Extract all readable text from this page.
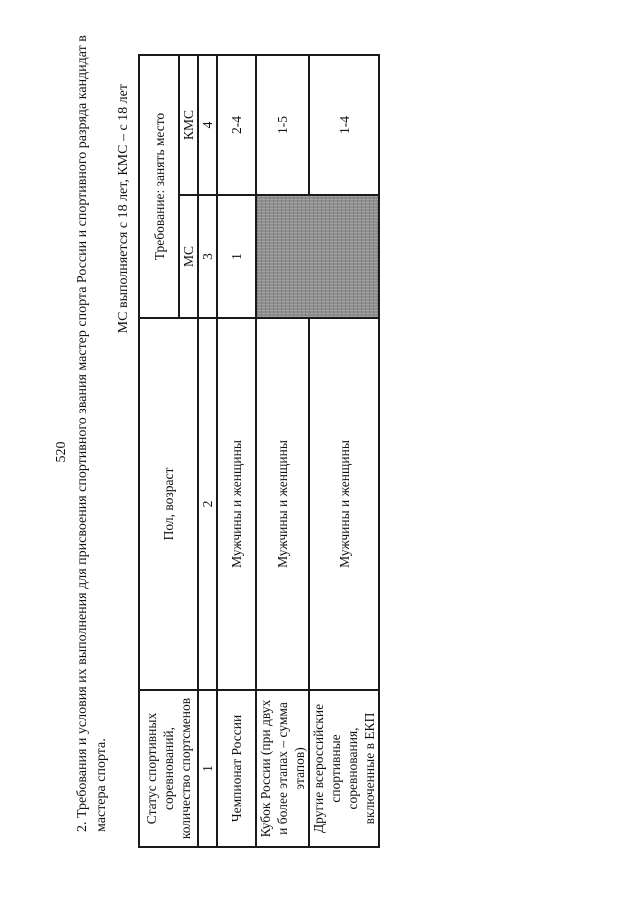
520 2. Требования и условия их выполнения для присвоения спортивного звания мастер спорта России и спортивного разряда кандидат в мастера спорта.
МС выполняется с 18 лет, КМС – с 18 лет
Статус спортивных соревнований, количество спортсменов	Пол, возраст	Требование: занять место	
		МС	КМС
1	2	3	4
Чемпионат России	Мужчины и женщины	1	2-4
Кубок России (при двух и более этапах – сумма этапов)	Мужчины и женщины		1-5
Другие всероссийские спортивные соревнования, включенные в ЕКП	Мужчины и женщины		1-4
